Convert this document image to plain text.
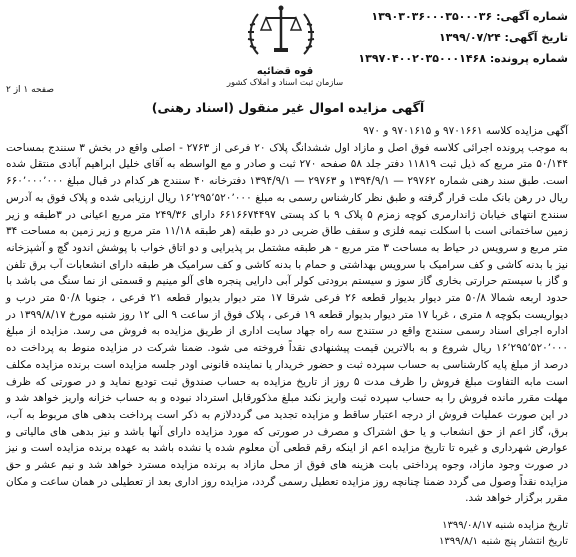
شماره آگهی: ۱۳۹۰۳۰۳۶۰۰۰۳۵۰۰۰۳۶
تاریخ آگهی: ۱۳۹۹/۰۷/۲۴
شماره پرونده: ۱۳۹۷۰۴۰۰۲۰۳۵۰۰۰۱۴۶۸
قوه قضائیه
سازمان ثبت اسناد و املاک کشور
صفحه ۱ از ۲
آگهی مزایده اموال غیر منقول (اسناد رهنی)

آگهی مزایده کلاسه ۹۷۰۱۶۶۱ و ۹۷۰۱۶۱۵ و ۹۷۰

به موجب پرونده اجرائی کلاسه فوق اصل و مازاد اول ششدانگ پلاک ۲۰ فرعی از ۲۷۶۳ - اصلی واقع در بخش ۳ سنندج بمساحت ۵۰/۱۴۴ متر مربع که ذیل ثبت ۱۱۸۱۹ دفتر جلد ۵۸ صفحه ۲۷۰ ثبت و صادر و مع الواسطه به آقای خلیل ابراهیم آبادی منتقل شده است. طبق سند رهنی شماره ۲۹۷۶۲ — ۱۳۹۴/۹/۱ و ۲۹۷۶۳ — ۱۳۹۴/۹/۱ دفترخانه ۴۰ سنندج هر کدام در قبال مبلغ ۶۶۰٬۰۰۰٬۰۰۰ ریال در رهن بانک ملت قرار گرفته و طبق نظر کارشناس رسمی به مبلغ ۱۶٬۲۹۵٬۵۲۰٬۰۰۰ ریال ارزیابی شده و پلاک فوق به آدرس سنندج انتهای خیابان ژاندارمری کوچه زمزم ۵ پلاک ۹ با کد پستی ۶۶۱۶۶۷۴۴۹۷ دارای ۲۴۹/۳۶ متر مربع اعیانی در ۳طبقه و زیر زمین ساختمانی است با اسکلت نیمه فلزی و سقف طاق ضربی در دو طبقه (هر طبقه ۱۱/۱۸ متر مربع و زیر زمین به مساحت ۳۴ متر مربع و سرویس در حیاط به مساحت ۳ متر مربع - هر طبقه مشتمل بر پذیرایی و دو اتاق خواب با پوشش اندود گچ و آشپزخانه نیز با بدنه کاشی و کف سرامیک با سرویس بهداشتی و حمام با بدنه کاشی و کف سرامیک هر طبقه دارای انشعابات آب برق تلفن و گاز با سیستم حرارتی بخاری گاز سوز و سیستم برودتی کولر آبی دارایی پنجره های آلو مینیم و قسمتی از نما سنگ می باشد با حدود اربعه شمالا ۵۰/۸ متر دیوار بدیوار قطعه ۲۶ فرعی شرقا ۱۷ متر دیوار بدیوار قطعه ۲۱ فرعی ، جنوبا ۵۰/۸ متر درب و دیواریست بکوچه ۸ متری ، غربا ۱۷ متر دیوار بدیوار قطعه ۱۹ فرعی ، پلاک فوق از ساعت ۹ الی ۱۲ روز شنبه مورخ ۱۳۹۹/۸/۱۷ در اداره اجرای اسناد رسمی سنندج واقع در ستندج سه راه جهاد سایت اداری از طریق مزایده به فروش می رسد. مزایده از مبلغ ۱۶٬۲۹۵٬۵۲۰٬۰۰۰ ریال شروع و به بالاترین قیمت پیشنهادی نقداً فروخته می شود. ضمنا شرکت در مزایده منوط به پرداخت ده درصد از مبلغ پایه کارشناسی به حساب سپرده ثبت و حضور خریدار یا نماینده قانونی اودر جلسه مزایده است برنده مزایده مکلف است مابه التفاوت مبلغ فروش را ظرف مدت ۵ روز از تاریخ مزایده به حساب صندوق ثبت تودیع نماید و در صورتی که ظرف مهلت مقرر مانده فروش را به حساب سپرده ثبت واریز نکند مبلغ مذکورقابل استرداد نبوده و به حساب خزانه واریز خواهد شد و در این صورت عملیات فروش از درجه اعتبار ساقط و مزایده تجدید می گرددلازم به ذکر است پرداخت بدهی های مربوط به آب، برق، گاز اعم از حق انشعاب و یا حق اشتراک و مصرف در صورتی که مورد مزایده دارای آنها باشد و نیز بدهی های مالیاتی و عوارض شهرداری و غیره تا تاریخ مزایده اعم از اینکه رقم قطعی آن معلوم شده یا نشده باشد به عهده برنده مزایده است و نیز در صورت وجود مازاد، وجوه پرداختی بابت هزینه های فوق از محل مازاد به برنده مزایده مسترد خواهد شد و نیم عشر و حق مزایده نقداً وصول می گردد ضمنا چنانچه روز مزایده تعطیل رسمی گردد، مزایده روز اداری بعد از تعطیلی در همان ساعت و مکان مقرر برگزار خواهد شد.

تاریخ مزایده شنبه ۱۳۹۹/۰۸/۱۷
تاریخ انتشار پنج شنبه ۱۳۹۹/۸/۱
